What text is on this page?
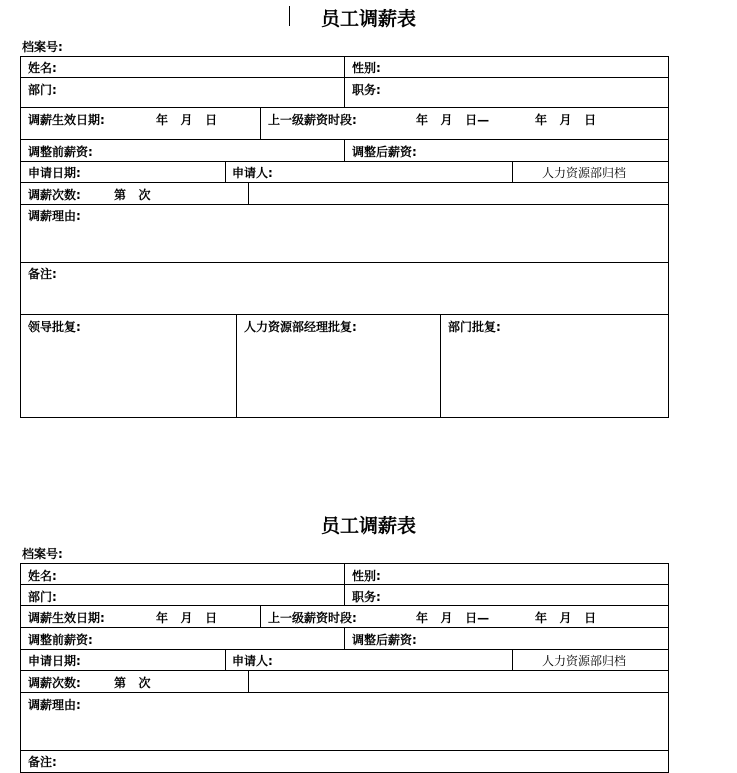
员工调薪表
档案号:
姓名:	性别:
部门:	职务:
调薪生效日期:	年   月   日	上一级薪资时段:	年   月   日—	年   月   日
调整前薪资:	调整后薪资:
申请日期:	申请人:	人力资源部归档
调薪次数:	第   次
调薪理由:
备注:
领导批复:	人力资源部经理批复:	部门批复:
员工调薪表
档案号:
姓名:	性别:
部门:	职务:
调薪生效日期:	年   月   日	上一级薪资时段:	年   月   日—	年   月   日
调整前薪资:	调整后薪资:
申请日期:	申请人:	人力资源部归档
调薪次数:	第   次
调薪理由:
备注:
